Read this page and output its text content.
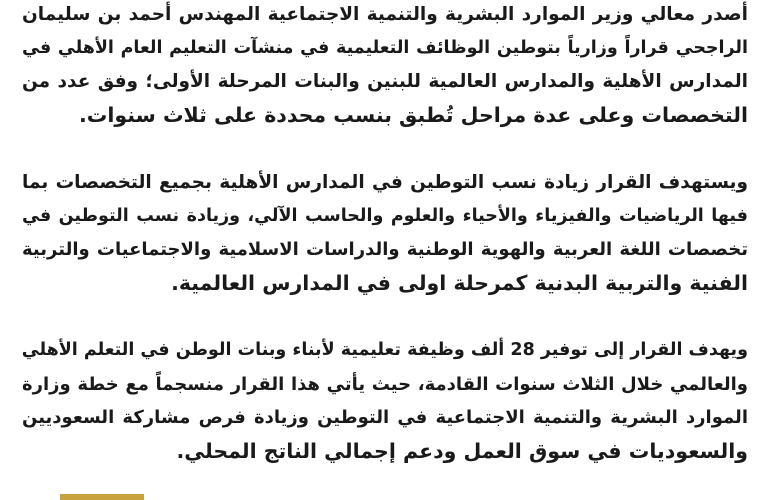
أصدر معالي وزير الموارد البشرية والتنمية الاجتماعية المهندس أحمد بن سليمان
الراجحي قراراً وزارياً بتوطين الوظائف التعليمية في منشآت التعليم العام الأهلي في
المدارس الأهلية والمدارس العالمية للبنين والبنات المرحلة الأولى؛ وفق عدد من
التخصصات وعلى عدة مراحل تُطبق بنسب محددة على ثلاث سنوات.
ويستهدف القرار زيادة نسب التوطين في المدارس الأهلية بجميع التخصصات بما
فيها الرياضيات والفيزياء والأحياء والعلوم والحاسب الآلي، وزيادة نسب التوطين في
تخصصات اللغة العربية والهوية الوطنية والدراسات الاسلامية والاجتماعيات والتربية
الفنية والتربية البدنية كمرحلة اولى في المدارس العالمية.
ويهدف القرار إلى توفير 28 ألف وظيفة تعليمية لأبناء وبنات الوطن في التعلم الأهلي
والعالمي خلال الثلاث سنوات القادمة، حيث يأتي هذا القرار منسجماً مع خطة وزارة
الموارد البشرية والتنمية الاجتماعية في التوطين وزيادة فرص مشاركة السعوديين
والسعوديات في سوق العمل ودعم إجمالي الناتج المحلي.
